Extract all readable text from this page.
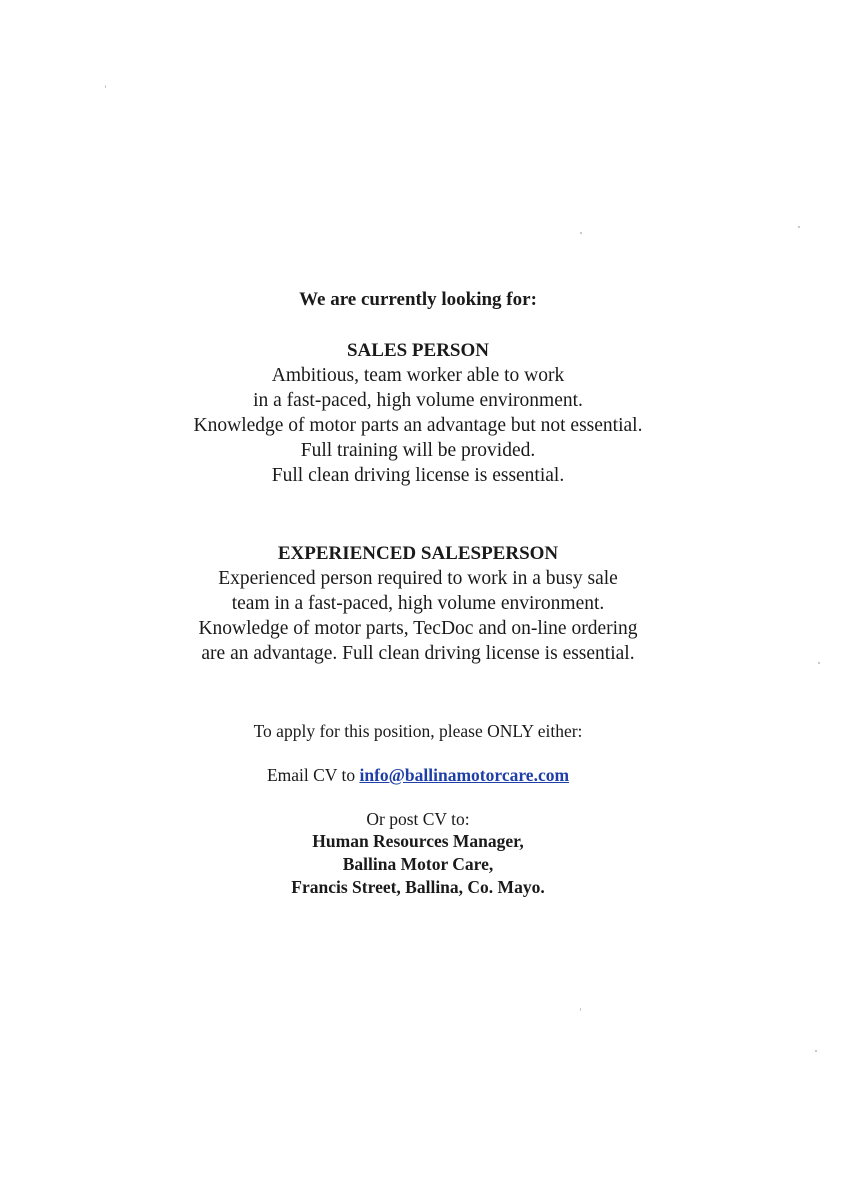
We are currently looking for:

SALES PERSON

Ambitious, team worker able to work

in a fast-paced, high volume environment.

Knowledge of motor parts an advantage but not essential.

Full training will be provided.

Full clean driving license is essential.

EXPERIENCED SALESPERSON

Experienced person required to work in a busy sale

team in a fast-paced, high volume environment.

Knowledge of motor parts, TecDoc and on-line ordering

are an advantage. Full clean driving license is essential.

To apply for this position, please ONLY either:

Email CV to info@ballinamotorcare.com

Or post CV to:

Human Resources Manager,

Ballina Motor Care,

Francis Street, Ballina, Co. Mayo.
